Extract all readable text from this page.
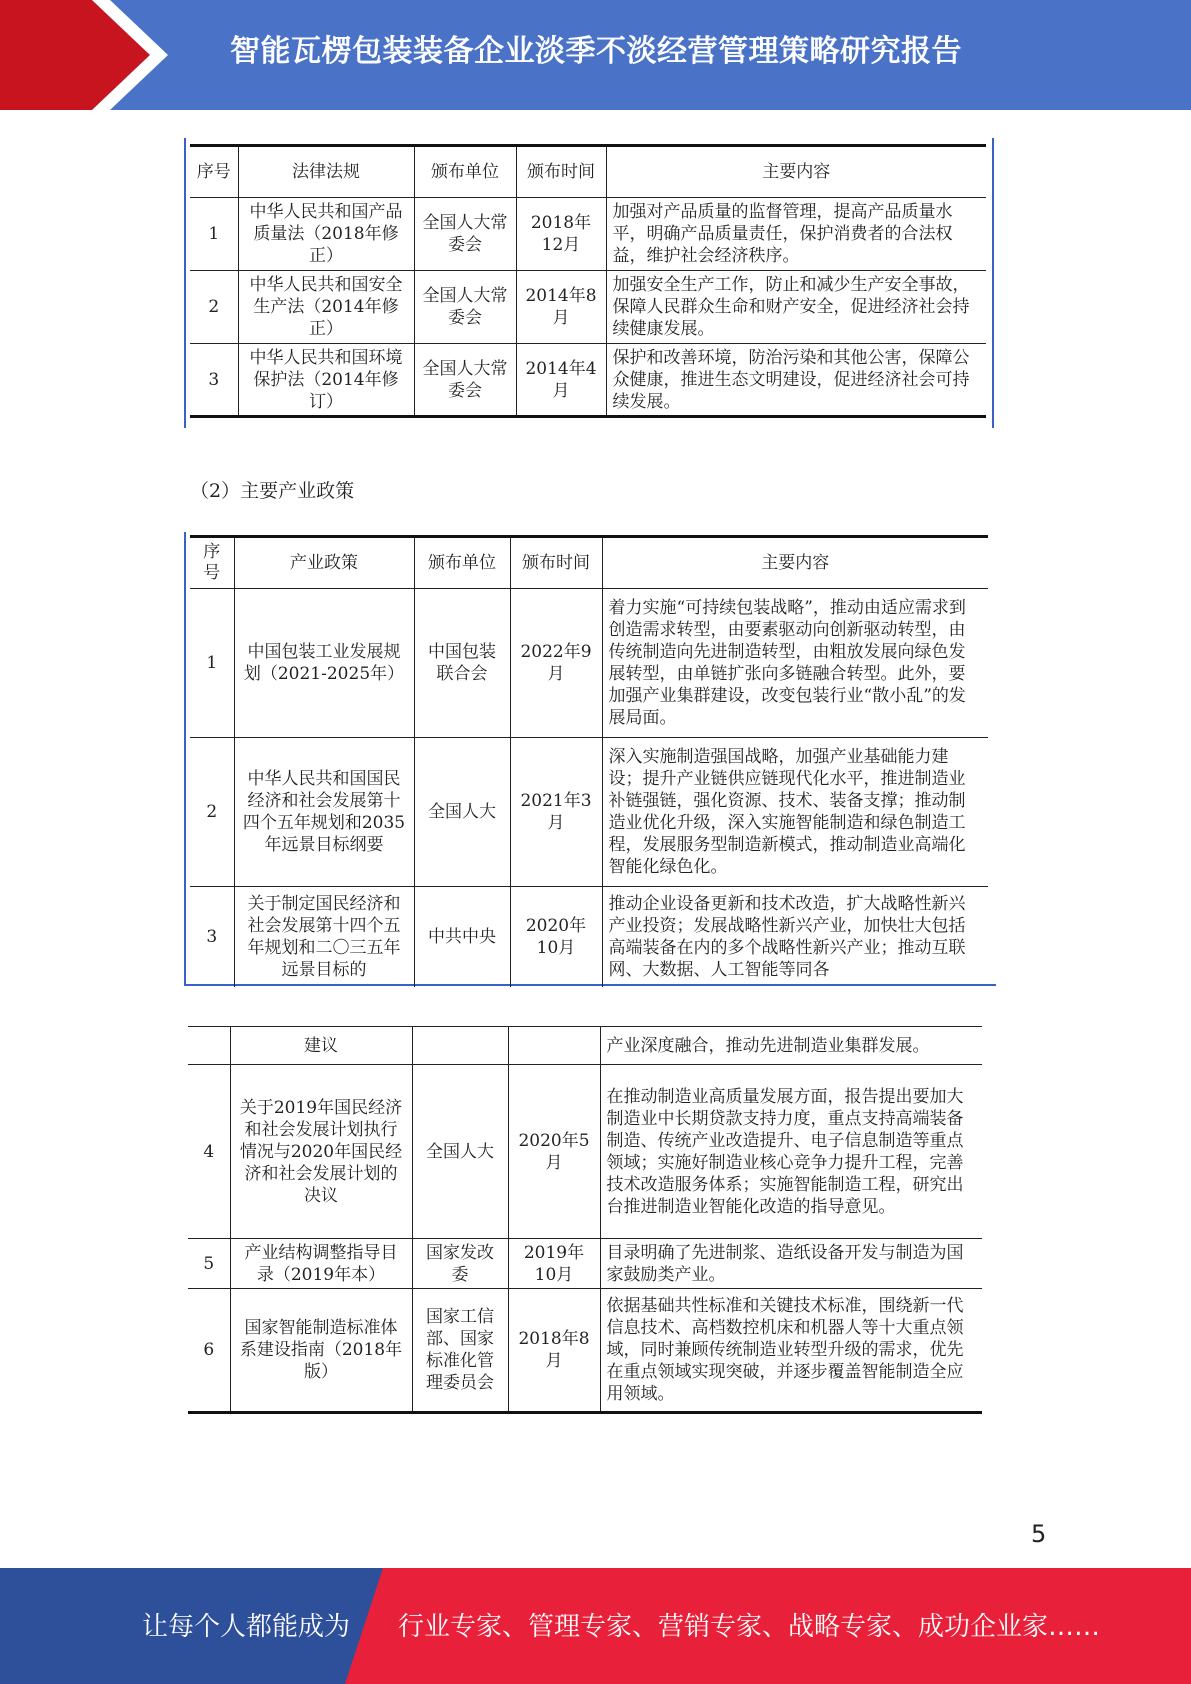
智能瓦楞包装装备企业淡季不淡经营管理策略研究报告
序号	法律法规	颁布单位	颁布时间	主要内容
1	中华人民共和国产品质量法（2018年修正）	全国人大常委会	2018年12月	加强对产品质量的监督管理，提高产品质量水平，明确产品质量责任，保护消费者的合法权益，维护社会经济秩序。
2	中华人民共和国安全生产法（2014年修正）	全国人大常委会	2014年8月	加强安全生产工作，防止和减少生产安全事故，保障人民群众生命和财产安全，促进经济社会持续健康发展。
3	中华人民共和国环境保护法（2014年修订）	全国人大常委会	2014年4月	保护和改善环境，防治污染和其他公害，保障公众健康，推进生态文明建设，促进经济社会可持续发展。
（2）主要产业政策
序号	产业政策	颁布单位	颁布时间	主要内容
1	中国包装工业发展规划（2021-2025年）	中国包装联合会	2022年9月	着力实施“可持续包装战略”，推动由适应需求到创造需求转型，由要素驱动向创新驱动转型，由传统制造向先进制造转型，由粗放发展向绿色发展转型，由单链扩张向多链融合转型。此外，要加强产业集群建设，改变包装行业“散小乱”的发展局面。
2	中华人民共和国国民经济和社会发展第十四个五年规划和2035年远景目标纲要	全国人大	2021年3月	深入实施制造强国战略，加强产业基础能力建设；提升产业链供应链现代化水平，推进制造业补链强链，强化资源、技术、装备支撑；推动制造业优化升级，深入实施智能制造和绿色制造工程，发展服务型制造新模式，推动制造业高端化智能化绿色化。
3	关于制定国民经济和社会发展第十四个五年规划和二〇三五年远景目标的	中共中央	2020年10月	推动企业设备更新和技术改造，扩大战略性新兴产业投资；发展战略性新兴产业，加快壮大包括高端装备在内的多个战略性新兴产业；推动互联网、大数据、人工智能等同各
	建议			产业深度融合，推动先进制造业集群发展。
4	关于2019年国民经济和社会发展计划执行情况与2020年国民经济和社会发展计划的决议	全国人大	2020年5月	在推动制造业高质量发展方面，报告提出要加大制造业中长期贷款支持力度，重点支持高端装备制造、传统产业改造提升、电子信息制造等重点领域；实施好制造业核心竞争力提升工程，完善技术改造服务体系；实施智能制造工程，研究出台推进制造业智能化改造的指导意见。
5	产业结构调整指导目录（2019年本）	国家发改委	2019年10月	目录明确了先进制浆、造纸设备开发与制造为国家鼓励类产业。
6	国家智能制造标准体系建设指南（2018年版）	国家工信部、国家标准化管理委员会	2018年8月	依据基础共性标准和关键技术标准，围绕新一代信息技术、高档数控机床和机器人等十大重点领域，同时兼顾传统制造业转型升级的需求，优先在重点领域实现突破，并逐步覆盖智能制造全应用领域。
5
让每个人都能成为 行业专家、管理专家、营销专家、战略专家、成功企业家……
